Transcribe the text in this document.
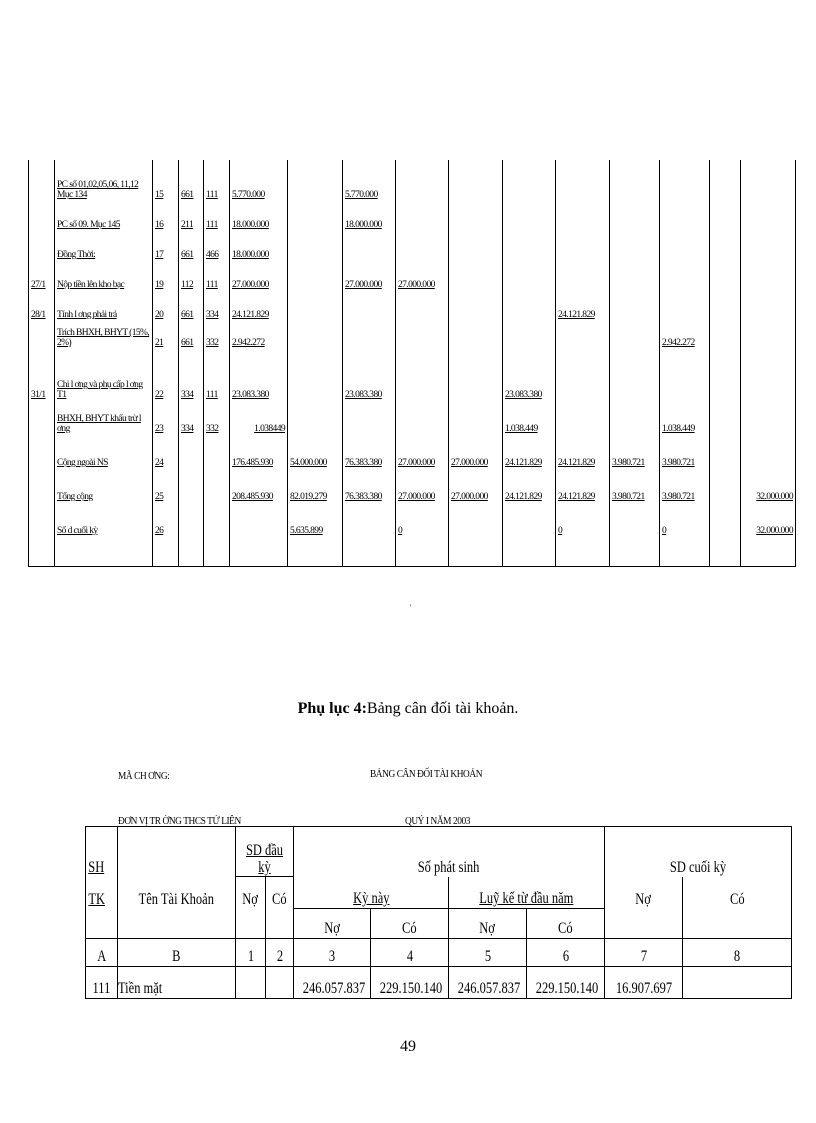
	PC số 01,02,05,06, 11,12 Mục 134	15	661	111	5.770.000		5.770.000								
	PC số 09. Mục 145	16	211	111	18.000.000		18.000.000								
	Đồng Thời:	17	661	466	18.000.000										
27/1	Nộp tiền lên kho bạc	19	112	111	27.000.000		27.000.000	27.000.000							
28/1	Tính l ơng phải trả	20	661	334	24.121.829						24.121.829				
	Trích BHXH, BHYT (15%, 2%)	21	661	332	2.942.272								2.942.272		
31/1	Chi l ơng và phụ cấp l ơng T1	22	334	111	23.083.380		23.083.380			23.083.380					
	BHXH, BHYT khấu trừ l ơng	23	334	332	1.038449					1.038.449			1.038.449		
	Cộng ngoài NS	24			176.485.930	54.000.000	76.383.380	27.000.000	27.000.000	24.121.829	24.121.829	3.980.721	3.980.721		
	Tổng cộng	25			208.485.930	82.019.279	76.383.380	27.000.000	27.000.000	24.121.829	24.121.829	3.980.721	3.980.721		32.000.000
	Số d cuối kỳ	26				5.635.899		0			0		0		32.000.000

'
Phụ lục 4:Bảng cân đối tài khoản.
MÃ CH ƠNG:	BẢNG CÂN ĐỐI TÀI KHOẢN
ĐƠN VỊ TR ỜNG THCS TỨ LIÊN	QUÝ I NĂM 2003
SH		SD đầu kỳ		Số phát sinh				SD cuối kỳ	
TK	Tên Tài Khoản	Nợ	Có	Kỳ này		Luỹ kế từ đầu năm		Nợ	Có
				Nợ	Có	Nợ	Có		
A	B	1	2	3	4	5	6	7	8
111	Tiền mặt			246.057.837	229.150.140	246.057.837	229.150.140	16.907.697	
49
